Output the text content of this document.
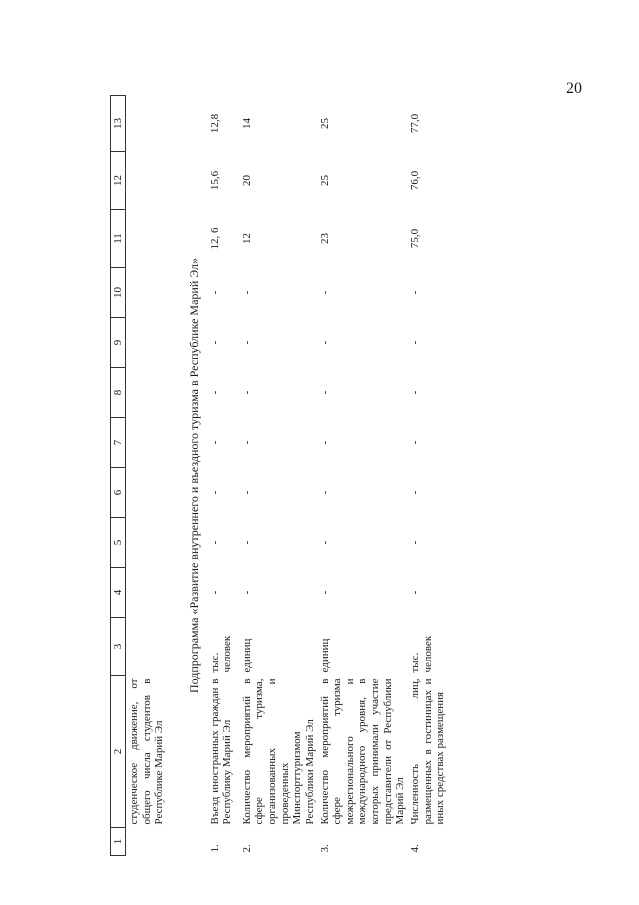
20
1	2	3	4	5	6	7	8	9	10	11	12	13
	студенческое движение, от общего числа студентов в Республике Марий Эл											
Подпрограмма «Развитие внутреннего и въездного туризма в Республике Марий Эл»												
1.	Въезд иностранных граждан в Республику Марий Эл	тыс. человек	-	-	-	-	-	-	-	12, 6	15,6	12,8
2.	Количество мероприятий в сфере туризма, организованных и проведенных Минспорттуризмом Республики Марий Эл	единиц	-	-	-	-	-	-	-	12	20	14
3.	Количество мероприятий в сфере туризма межрегионального и международного уровня, в которых принимали участие представители от Республики Марий Эл	единиц	-	-	-	-	-	-	-	23	25	25
4.	Численность лиц, размещенных в гостиницах и иных средствах размещения	тыс. человек	-	-	-	-	-	-	-	75,0	76,0	77,0
